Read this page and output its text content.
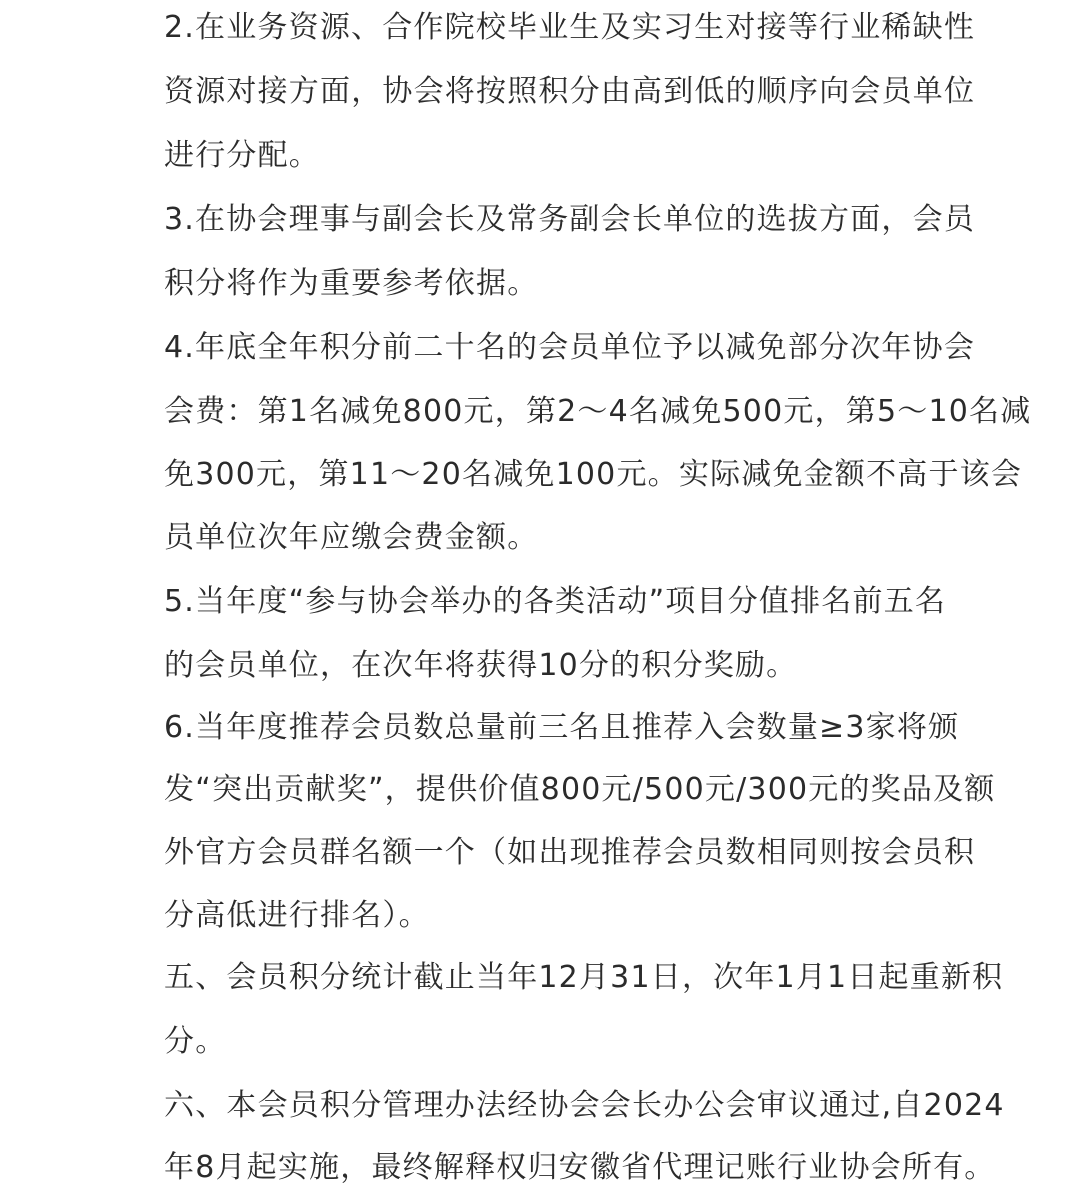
2.在业务资源、合作院校毕业生及实习生对接等行业稀缺性
资源对接方面，协会将按照积分由高到低的顺序向会员单位
进行分配。
3.在协会理事与副会长及常务副会长单位的选拔方面，会员
积分将作为重要参考依据。
4.年底全年积分前二十名的会员单位予以减免部分次年协会
会费：第1名减免800元，第2～4名减免500元，第5～10名减
免300元，第11～20名减免100元。实际减免金额不高于该会
员单位次年应缴会费金额。
5.当年度“参与协会举办的各类活动”项目分值排名前五名
的会员单位，在次年将获得10分的积分奖励。
6.当年度推荐会员数总量前三名且推荐入会数量≥3家将颁
发“突出贡献奖”，提供价值800元/500元/300元的奖品及额
外官方会员群名额一个（如出现推荐会员数相同则按会员积
分高低进行排名）。
五、会员积分统计截止当年12月31日，次年1月1日起重新积
分。
六、本会员积分管理办法经协会会长办公会审议通过,自2024
年8月起实施，最终解释权归安徽省代理记账行业协会所有。
